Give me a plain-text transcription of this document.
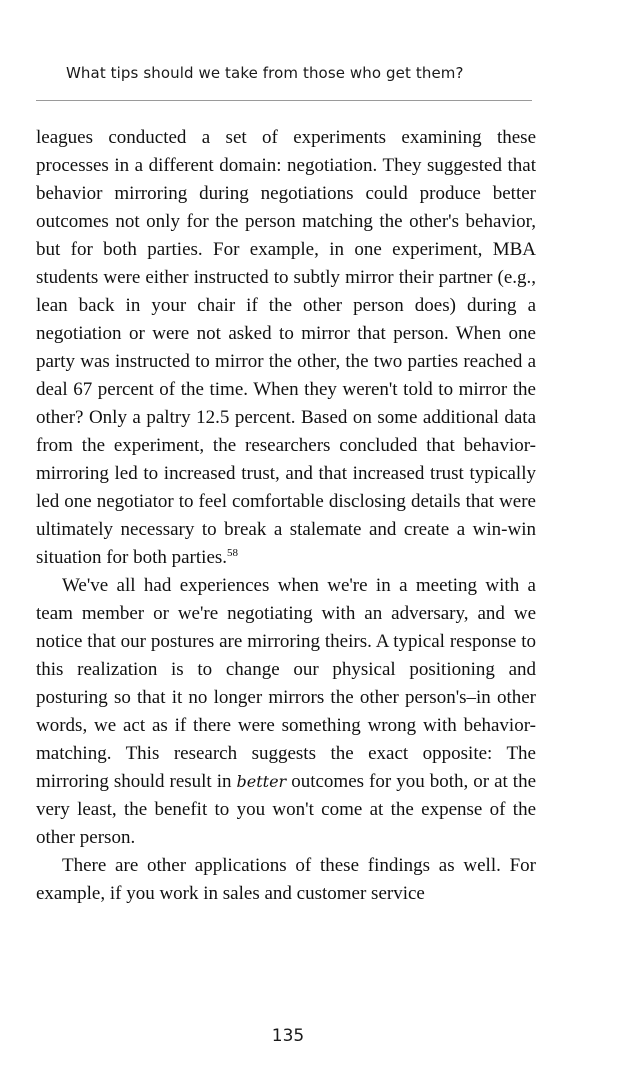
What tips should we take from those who get them?

leagues conducted a set of experiments examining these processes in a different domain: negotiation. They suggested that behavior mirroring during negotiations could produce better outcomes not only for the person matching the other's behavior, but for both parties. For example, in one experiment, MBA students were either instructed to subtly mirror their partner (e.g., lean back in your chair if the other person does) during a negotiation or were not asked to mirror that person. When one party was instructed to mirror the other, the two parties reached a deal 67 percent of the time. When they weren't told to mirror the other? Only a paltry 12.5 percent. Based on some additional data from the experiment, the researchers concluded that behavior-mirroring led to increased trust, and that increased trust typically led one negotiator to feel comfortable disclosing details that were ultimately necessary to break a stalemate and create a win-win situation for both parties.$^{58}$

We've all had experiences when we're in a meeting with a team member or we're negotiating with an adversary, and we notice that our postures are mirroring theirs. A typical response to this realization is to change our physical positioning and posturing so that it no longer mirrors the other person's–in other words, we act as if there were something wrong with behavior-matching. This research suggests the exact opposite: The mirroring should result in better outcomes for you both, or at the very least, the benefit to you won't come at the expense of the other person.

There are other applications of these findings as well. For example, if you work in sales and customer service

135
